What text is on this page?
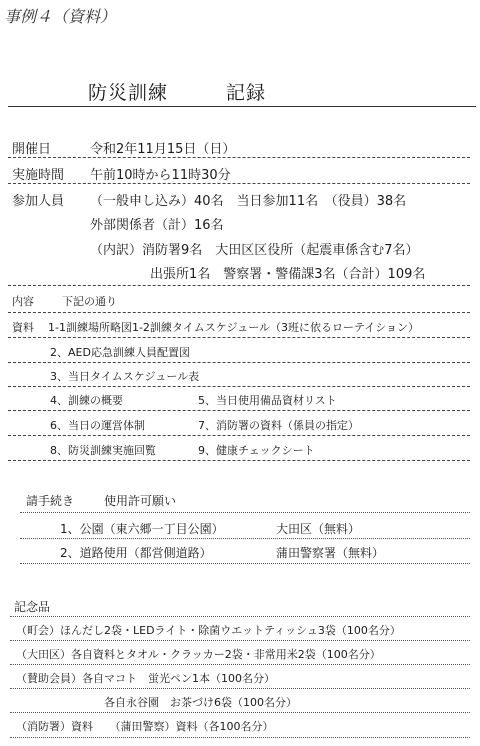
事例４（資料）
防災訓練	記録
開催日	令和2年11月15日（日）
実施時間 午前10時から11時30分
参加人員 （一般申し込み）40名　当日参加11名　（役員）38名
外部関係者（計）16名
（内訳）消防署9名　大田区区役所（起震車係含む7名）
出張所1名　警察署・警備課3名（合計）109名
内容	下記の通り
資料 1-1訓練場所略図1-2訓練タイムスケジュール（3班に依るローテイション）
2、AED応急訓練人員配置図
3、当日タイムスケジュール表
4、訓練の概要	5、当日使用備品資材リスト
6、当日の運営体制	7、消防署の資料（係員の指定）
8、防災訓練実施回覧	9、健康チェックシート
請手続き 使用許可願い
1、公園（東六郷一丁目公園）	大田区（無料）
2、道路使用（都営側道路）	蒲田警察署（無料）
記念品
（町会）ほんだし2袋・LEDライト・除菌ウエットティッシュ3袋（100名分）
（大田区）各自資料とタオル・クラッカー2袋・非常用米2袋（100名分）
（賛助会員）各自マコト　蛍光ペン1本（100名分）
各自永谷園　お茶づけ6袋（100名分）
（消防署）資料　　（蒲田警察）資料（各100名分）
